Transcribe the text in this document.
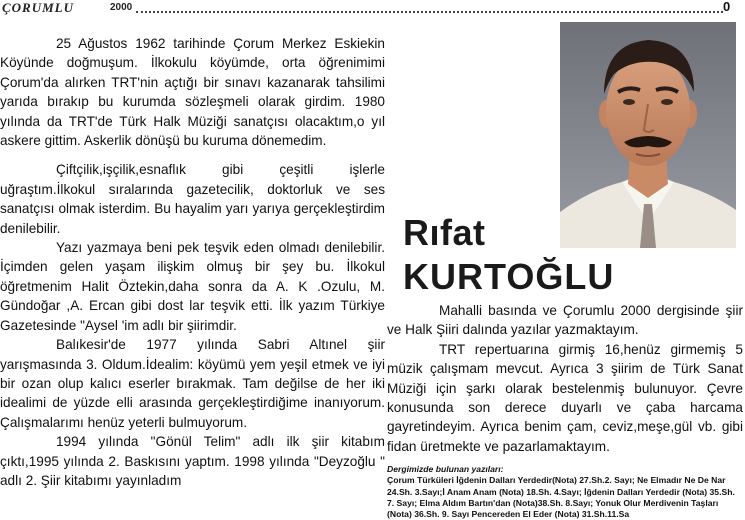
ÇORUMLU	2000	0

25 Ağustos 1962 tarihinde Çorum Merkez Eskiekin Köyünde doğmuşum. İlkokulu köyümde, orta öğrenimimi Çorum'da alırken TRT'nin açtığı bir sınavı kazanarak tahsilimi yarıda bırakıp bu kurumda sözleşmeli olarak girdim. 1980 yılında da TRT'de Türk Halk Müziği sanatçısı olacaktım,o yıl askere gittim. Askerlik dönüşü bu kuruma dönemedim.

Çiftçilik,işçilik,esnaflık gibi çeşitli işlerle uğraştım.İlkokul sıralarında gazetecilik, doktorluk ve ses sanatçısı olmak isterdim. Bu hayalim yarı yarıya gerçekleştirdim denilebilir.

Yazı yazmaya beni pek teşvik eden olmadı denilebilir. İçimden gelen yaşam ilişkim olmuş bir şey bu. İlkokul öğretmenim Halit Öztekin,daha sonra da A. K .Ozulu, M. Gündoğar ,A. Ercan gibi dost lar teşvik etti. İlk yazım Türkiye Gazetesinde "Aysel 'im adlı bir şiirimdir.

Balıkesir'de 1977 yılında Sabri Altınel şiir yarışmasında 3. Oldum.İdealim: köyümü yem yeşil etmek ve iyi bir ozan olup kalıcı eserler bırakmak. Tam değilse de her iki idealimi de yüzde elli arasında gerçekleştirdiğime inanıyorum. Çalışmalarımı henüz yeterli bulmuyorum.

1994 yılında "Gönül Telim" adlı ilk şiir kitabım çıktı,1995 yılında 2. Baskısını yaptım. 1998 yılında "Deyzoğlu " adlı 2. Şiir kitabımı yayınladım

Rıfat
KURTOĞLU

Mahalli basında ve Çorumlu 2000 dergisinde şiir ve Halk Şiiri dalında yazılar yazmaktayım.

TRT repertuarına girmiş 16,henüz girmemiş 5 müzik çalışmam mevcut. Ayrıca 3 şiirim de Türk Sanat Müziği için şarkı olarak bestelenmiş bulunuyor. Çevre konusunda son derece duyarlı ve çaba harcama gayretindeyim. Ayrıca benim çam, ceviz,meşe,gül vb. gibi fidan üretmekte ve pazarlamaktayım.

Dergimizde bulunan yazıları:
Çorum Türküleri İğdenin Dalları Yerdedir(Nota) 27.Sh.2. Sayı; Ne Elmadır Ne De Nar 24.Sh. 3.Sayı;İ Anam Anam (Nota) 18.Sh. 4.Sayı; İğdenin Dalları Yerdedir (Nota) 35.Sh. 7. Sayı; Elma Aldım Bartın'dan (Nota)38.Sh. 8.Sayı; Yonuk Olur Merdivenin Taşları (Nota) 36.Sh. 9. Sayı Pencereden El Eder (Nota) 31.Sh.11.Sa
